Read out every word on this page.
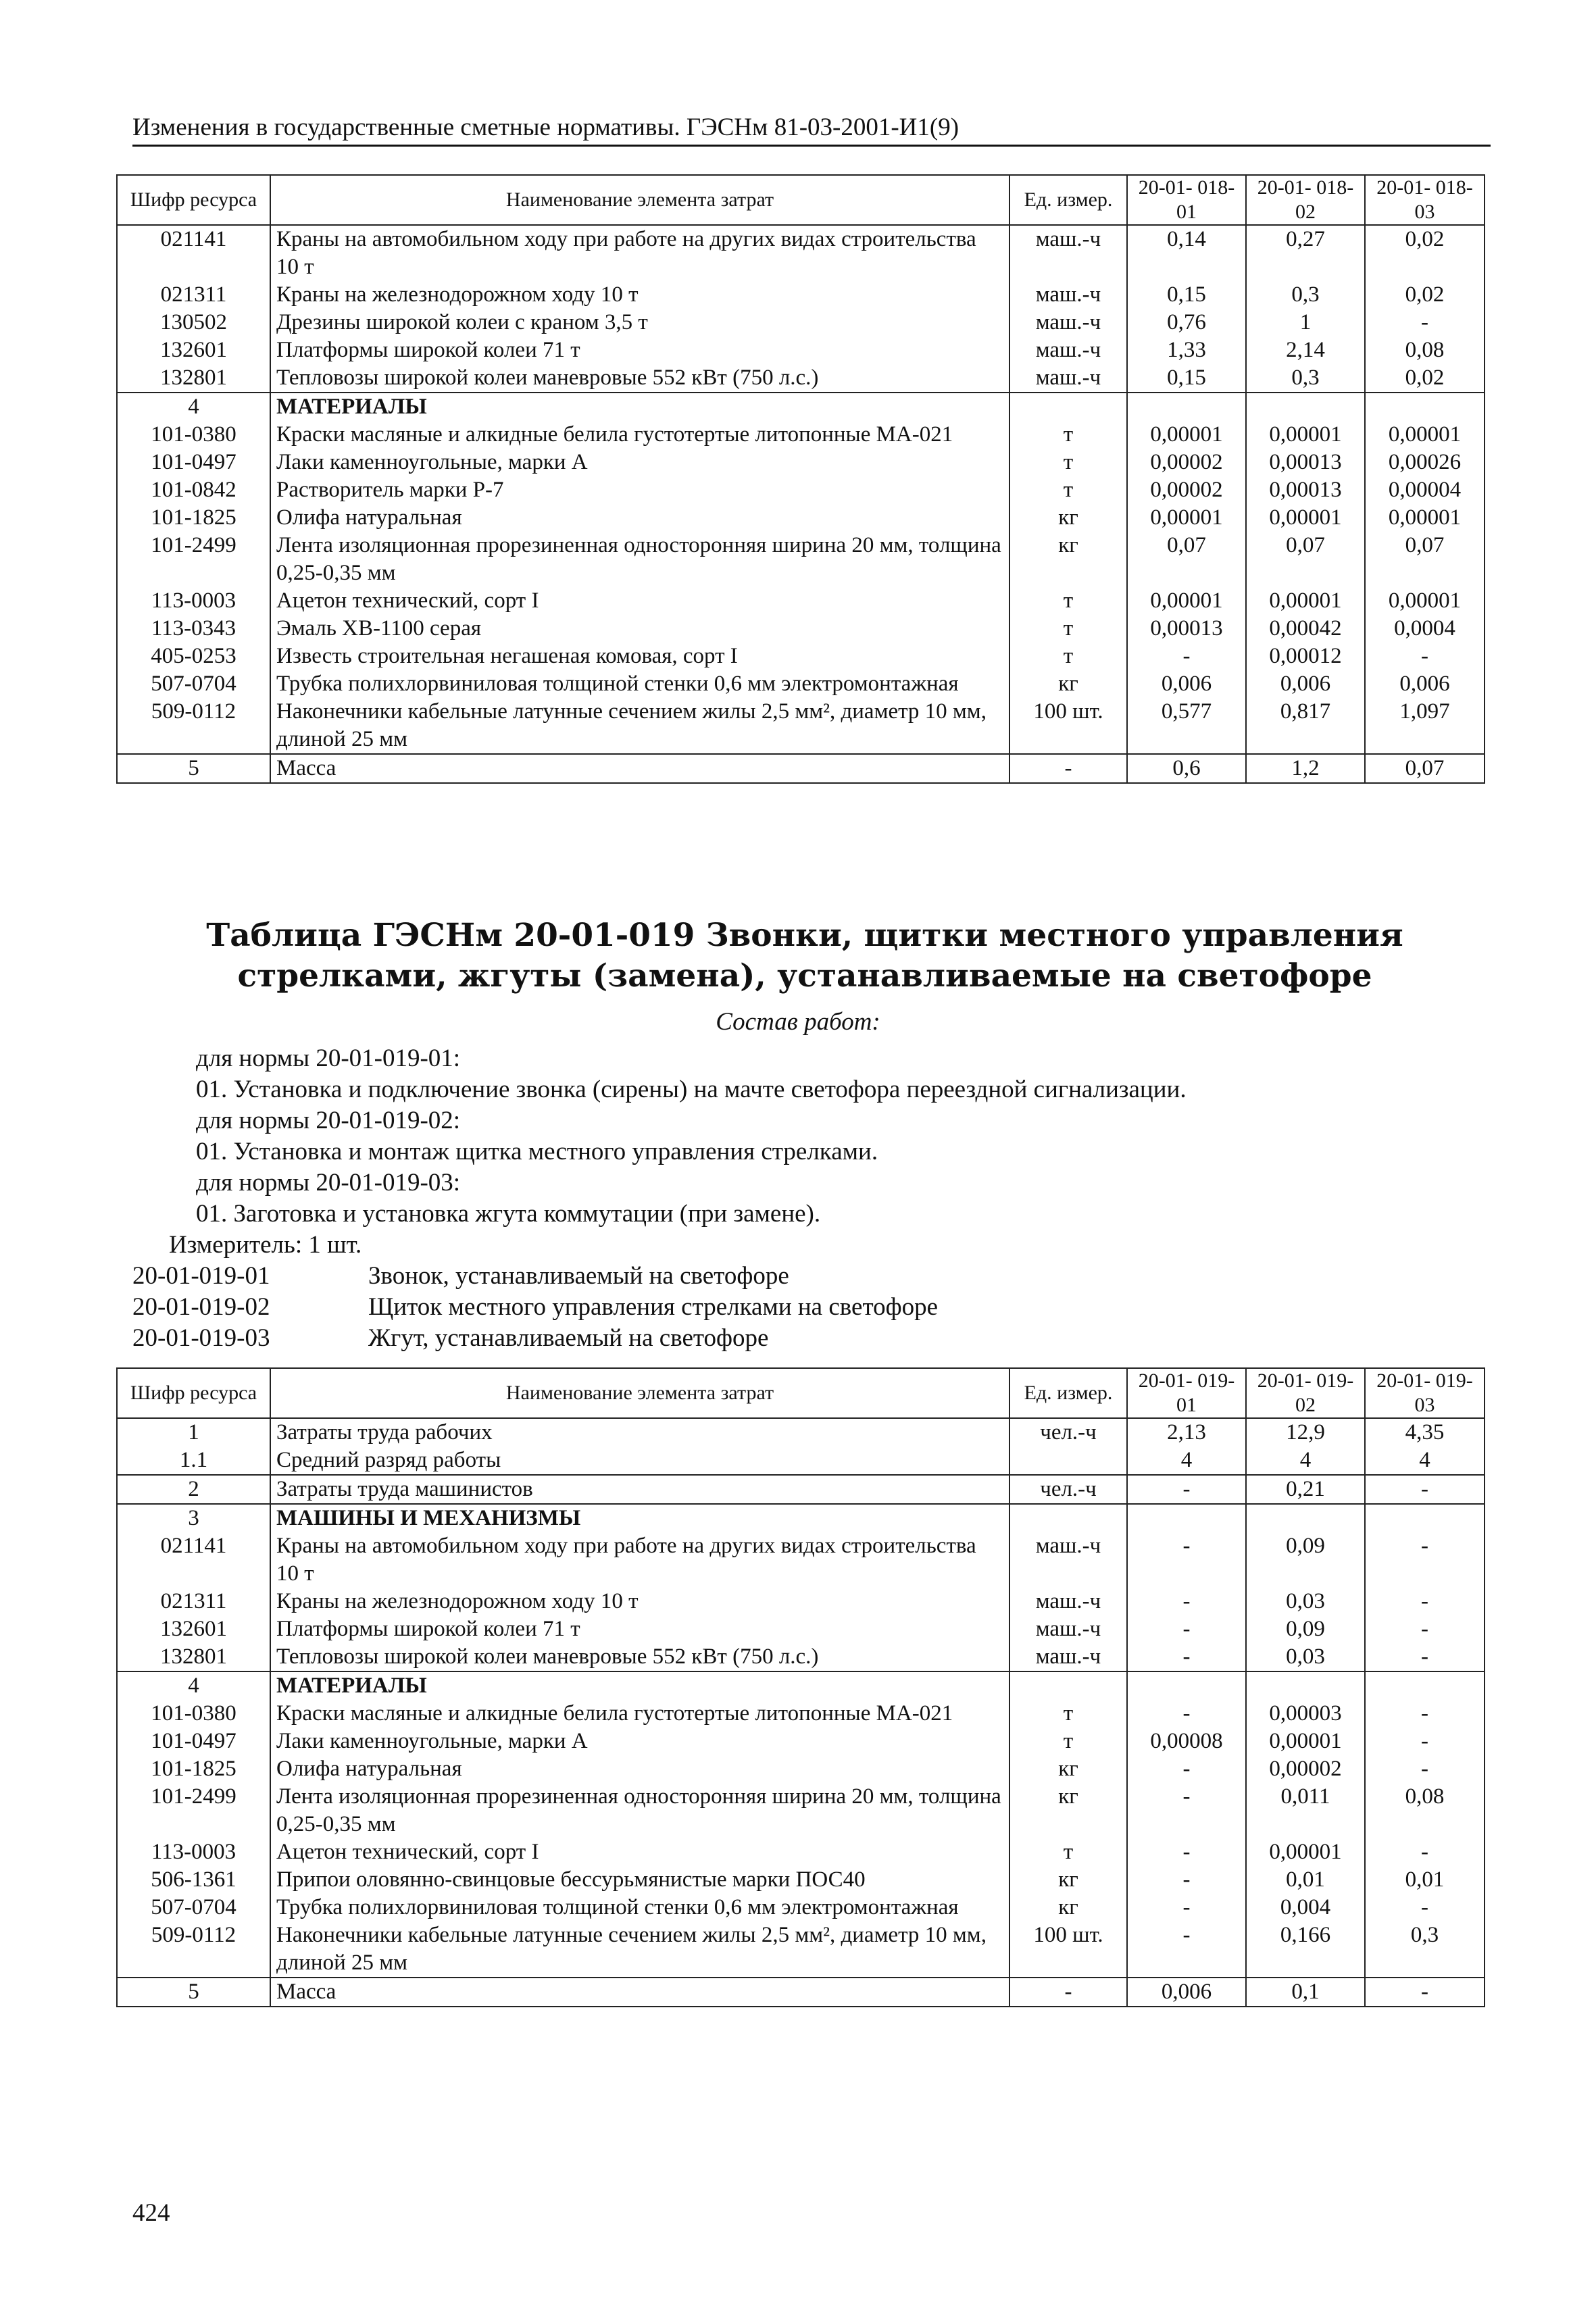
Изменения в государственные сметные нормативы. ГЭСНм 81-03-2001-И1(9)
Шифр ресурса	Наименование элемента затрат	Ед. измер.	20-01- 018-01	20-01- 018-02	20-01- 018-03
021141	Краны на автомобильном ходу при работе на других видах строительства 10 т	маш.-ч	0,14	0,27	0,02
021311	Краны на железнодорожном ходу 10 т	маш.-ч	0,15	0,3	0,02
130502	Дрезины широкой колеи с краном 3,5 т	маш.-ч	0,76	1	-
132601	Платформы широкой колеи 71 т	маш.-ч	1,33	2,14	0,08
132801	Тепловозы широкой колеи маневровые 552 кВт (750 л.с.)	маш.-ч	0,15	0,3	0,02
4	МАТЕРИАЛЫ				
101-0380	Краски масляные и алкидные белила густотертые литопонные МА-021	т	0,00001	0,00001	0,00001
101-0497	Лаки каменноугольные, марки А	т	0,00002	0,00013	0,00026
101-0842	Растворитель марки Р-7	т	0,00002	0,00013	0,00004
101-1825	Олифа натуральная	кг	0,00001	0,00001	0,00001
101-2499	Лента изоляционная прорезиненная односторонняя ширина 20 мм, толщина 0,25-0,35 мм	кг	0,07	0,07	0,07
113-0003	Ацетон технический, сорт I	т	0,00001	0,00001	0,00001
113-0343	Эмаль ХВ-1100 серая	т	0,00013	0,00042	0,0004
405-0253	Известь строительная негашеная комовая, сорт I	т	-	0,00012	-
507-0704	Трубка полихлорвиниловая толщиной стенки 0,6 мм электромонтажная	кг	0,006	0,006	0,006
509-0112	Наконечники кабельные латунные сечением жилы 2,5 мм², диаметр 10 мм, длиной 25 мм	100 шт.	0,577	0,817	1,097
5	Масса	-	0,6	1,2	0,07
Таблица ГЭСНм 20-01-019 Звонки, щитки местного управления стрелками, жгуты (замена), устанавливаемые на светофоре
Состав работ:
для нормы 20-01-019-01:
01. Установка и подключение звонка (сирены) на мачте светофора переездной сигнализации.
для нормы 20-01-019-02:
01. Установка и монтаж щитка местного управления стрелками.
для нормы 20-01-019-03:
01. Заготовка и установка жгута коммутации (при замене).
Измеритель: 1 шт.
20-01-019-01	Звонок, устанавливаемый на светофоре
20-01-019-02	Щиток местного управления стрелками на светофоре
20-01-019-03	Жгут, устанавливаемый на светофоре
Шифр ресурса	Наименование элемента затрат	Ед. измер.	20-01- 019-01	20-01- 019-02	20-01- 019-03
1	Затраты труда рабочих	чел.-ч	2,13	12,9	4,35
1.1	Средний разряд работы		4	4	4
2	Затраты труда машинистов	чел.-ч	-	0,21	-
3	МАШИНЫ И МЕХАНИЗМЫ				
021141	Краны на автомобильном ходу при работе на других видах строительства 10 т	маш.-ч	-	0,09	-
021311	Краны на железнодорожном ходу 10 т	маш.-ч	-	0,03	-
132601	Платформы широкой колеи 71 т	маш.-ч	-	0,09	-
132801	Тепловозы широкой колеи маневровые 552 кВт (750 л.с.)	маш.-ч	-	0,03	-
4	МАТЕРИАЛЫ				
101-0380	Краски масляные и алкидные белила густотертые литопонные МА-021	т	-	0,00003	-
101-0497	Лаки каменноугольные, марки А	т	0,00008	0,00001	-
101-1825	Олифа натуральная	кг	-	0,00002	-
101-2499	Лента изоляционная прорезиненная односторонняя ширина 20 мм, толщина 0,25-0,35 мм	кг	-	0,011	0,08
113-0003	Ацетон технический, сорт I	т	-	0,00001	-
506-1361	Припои оловянно-свинцовые бессурьмянистые марки ПОС40	кг	-	0,01	0,01
507-0704	Трубка полихлорвиниловая толщиной стенки 0,6 мм электромонтажная	кг	-	0,004	-
509-0112	Наконечники кабельные латунные сечением жилы 2,5 мм², диаметр 10 мм, длиной 25 мм	100 шт.	-	0,166	0,3
5	Масса	-	0,006	0,1	-
424
